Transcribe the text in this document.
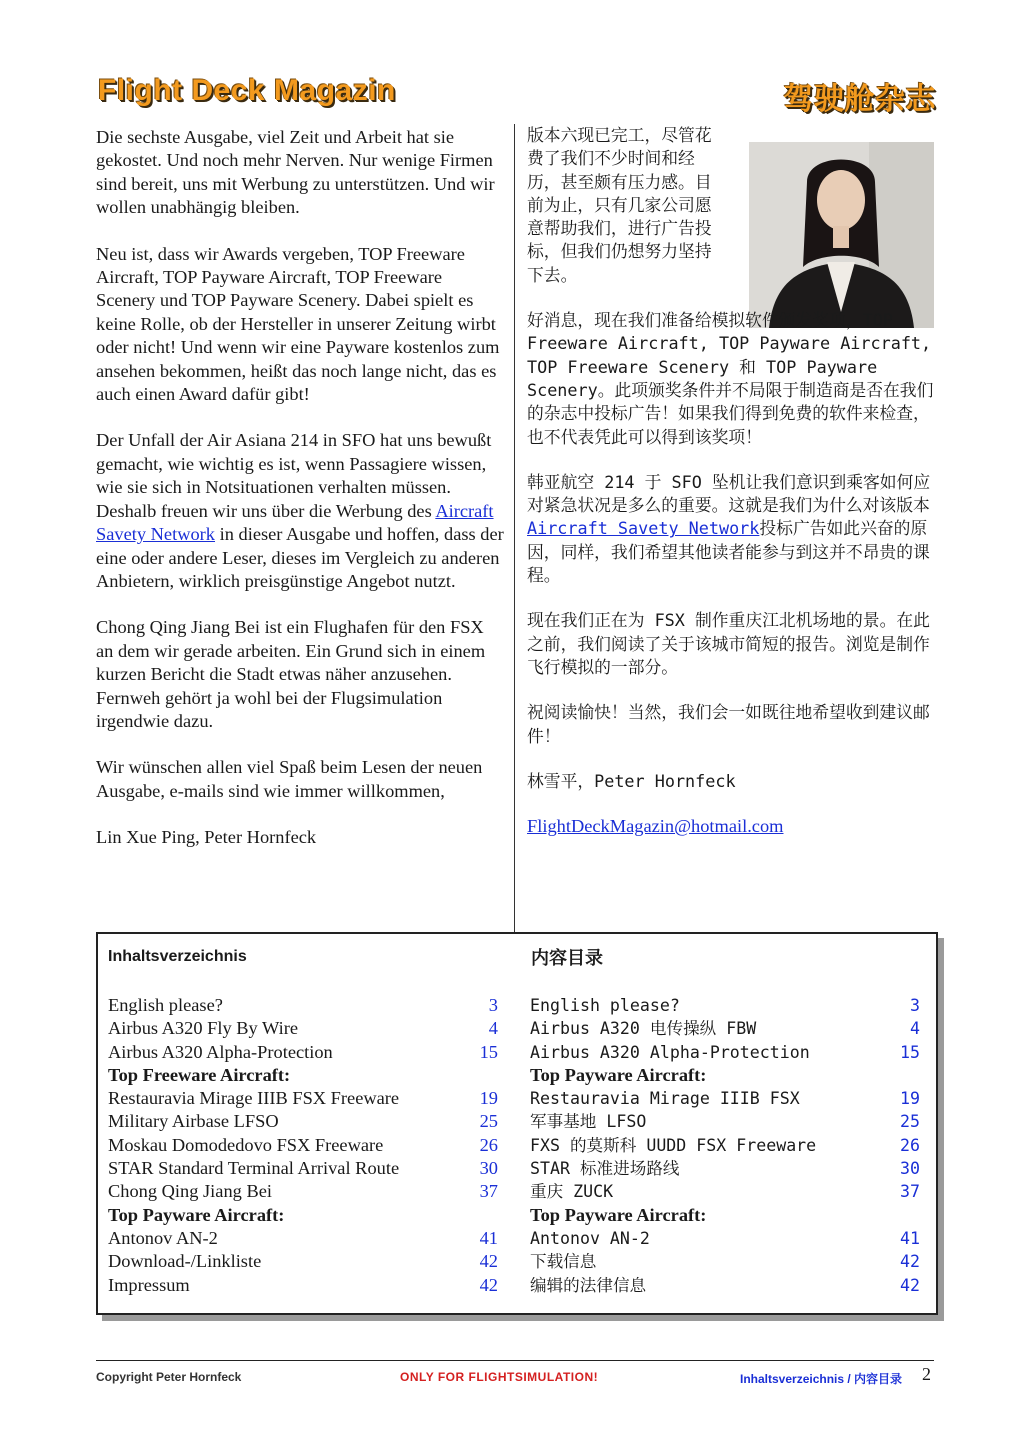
Flight Deck Magazin	驾驶舱杂志

Die sechste Ausgabe, viel Zeit und Arbeit hat sie gekostet. Und noch mehr Nerven. Nur wenige Firmen sind bereit, uns mit Werbung zu unterstützen. Und wir wollen unabhängig bleiben.

Neu ist, dass wir Awards vergeben, TOP Freeware Aircraft, TOP Payware Aircraft, TOP Freeware Scenery und TOP Payware Scenery. Dabei spielt es keine Rolle, ob der Hersteller in unserer Zeitung wirbt oder nicht! Und wenn wir eine Payware kostenlos zum ansehen bekommen, heißt das noch lange nicht, das es auch einen Award dafür gibt!

Der Unfall der Air Asiana 214 in SFO hat uns bewußt gemacht, wie wichtig es ist, wenn Passagiere wissen, wie sie sich in Notsituationen verhalten müssen. Deshalb freuen wir uns über die Werbung des Aircraft Savety Network in dieser Ausgabe und hoffen, dass der eine oder andere Leser, dieses im Vergleich zu anderen Anbietern, wirklich preisgünstige Angebot nutzt.

Chong Qing Jiang Bei ist ein Flughafen für den FSX an dem wir gerade arbeiten. Ein Grund sich in einem kurzen Bericht die Stadt etwas näher anzusehen. Fernweh gehört ja wohl bei der Flugsimulation irgendwie dazu.

Wir wünschen allen viel Spaß beim Lesen der neuen Ausgabe, e-mails sind wie immer willkommen,

Lin Xue Ping, Peter Hornfeck

版本六现已完工，尽管花费了我们不少时间和经历，甚至颇有压力感。目前为止，只有几家公司愿意帮助我们，进行广告投标，但我们仍想努力坚持下去。

好消息，现在我们准备给模拟软件颁发奖项，TOP Freeware Aircraft, TOP Payware Aircraft, TOP Freeware Scenery 和 TOP Payware Scenery。此项颁奖条件并不局限于制造商是否在我们的杂志中投标广告！如果我们得到免费的软件来检查，也不代表凭此可以得到该奖项！

韩亚航空 214 于 SFO 坠机让我们意识到乘客如何应对紧急状况是多么的重要。这就是我们为什么对该版本Aircraft Savety Network投标广告如此兴奋的原因，同样，我们希望其他读者能参与到这并不昂贵的课程。

现在我们正在为 FSX 制作重庆江北机场地的景。在此之前，我们阅读了关于该城市简短的报告。浏览是制作飞行模拟的一部分。

祝阅读愉快！当然，我们会一如既往地希望收到建议邮件！

林雪平，Peter Hornfeck

FlightDeckMagazin@hotmail.com

Inhaltsverzeichnis	内容目录
English please?	3
Airbus A320 Fly By Wire	4
Airbus A320 Alpha-Protection	15
Top Freeware Aircraft:
Restauravia Mirage IIIB FSX Freeware	19
Military Airbase LFSO	25
Moskau Domodedovo FSX Freeware	26
STAR Standard Terminal Arrival Route	30
Chong Qing Jiang Bei	37
Top Payware Aircraft:
Antonov AN-2	41
Download-/Linkliste	42
Impressum	42
English please?	3
Airbus A320 电传操纵 FBW	4
Airbus A320 Alpha-Protection	15
Top Payware Aircraft:
Restauravia Mirage IIIB FSX	19
军事基地 LFSO	25
FXS 的莫斯科 UUDD FSX Freeware	26
STAR 标准进场路线	30
重庆 ZUCK	37
Top Payware Aircraft:
Antonov AN-2	41
下载信息	42
编辑的法律信息	42
Copyright Peter Hornfeck	ONLY FOR FLIGHTSIMULATION!	Inhaltsverzeichnis / 内容目录 2
